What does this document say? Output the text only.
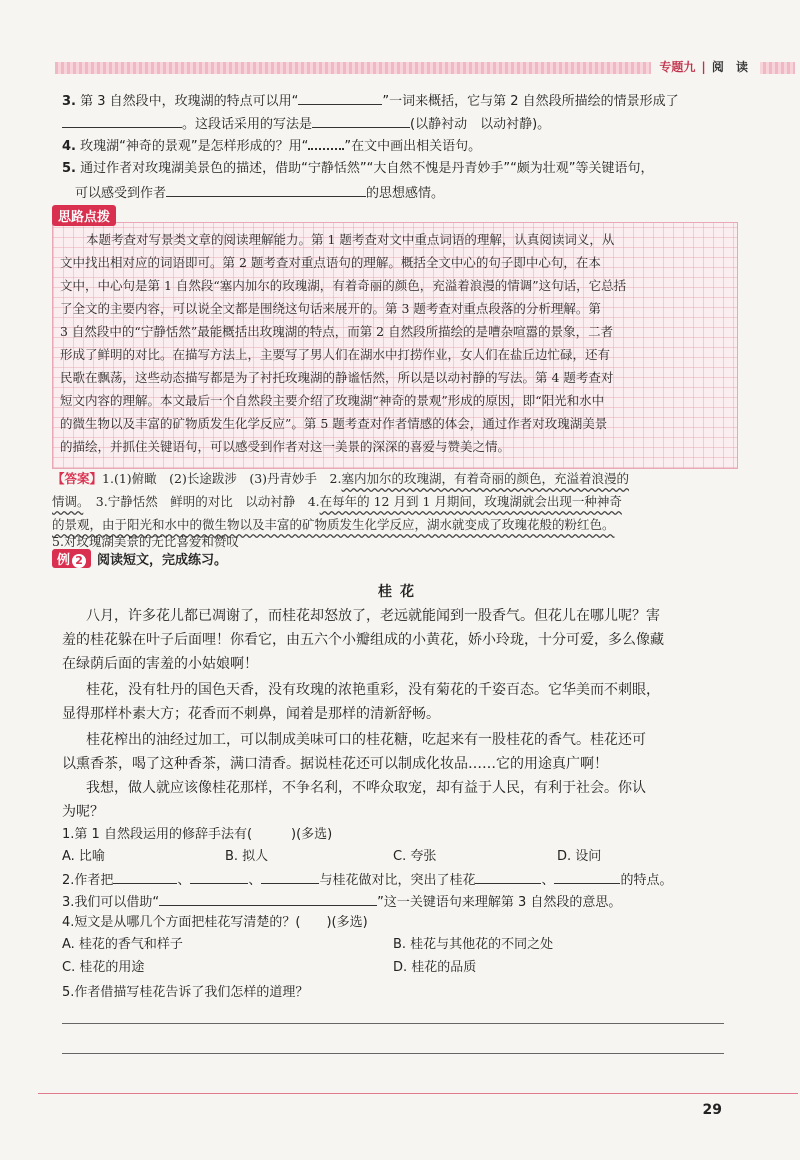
专题九 | 阅 读
3. 第 3 自然段中，玫瑰湖的特点可以用“	”一词来概括，它与第 2 自然段所描绘的情景形成了
。这段话采用的写法是	(以静衬动　以动衬静)。
4. 玫瑰湖“神奇的景观”是怎样形成的？用“	”在文中画出相关语句。
5. 通过作者对玫瑰湖美景色的描述，借助“宁静恬然”“大自然不愧是丹青妙手”“颇为壮观”等关键语句，
可以感受到作者	的思想感情。
思路点拨
本题考查对写景类文章的阅读理解能力。第 1 题考查对文中重点词语的理解，认真阅读词义，从
文中找出相对应的词语即可。第 2 题考查对重点语句的理解。概括全文中心的句子即中心句，在本
文中，中心句是第 1 自然段“塞内加尔的玫瑰湖，有着奇丽的颜色，充溢着浪漫的情调”这句话，它总括
了全文的主要内容，可以说全文都是围绕这句话来展开的。第 3 题考查对重点段落的分析理解。第
3 自然段中的“宁静恬然”最能概括出玫瑰湖的特点，而第 2 自然段所描绘的是嘈杂喧嚣的景象，二者
形成了鲜明的对比。在描写方法上，主要写了男人们在湖水中打捞作业，女人们在盐丘边忙碌，还有
民歌在飘荡，这些动态描写都是为了衬托玫瑰湖的静谧恬然，所以是以动衬静的写法。第 4 题考查对
短文内容的理解。本文最后一个自然段主要介绍了玫瑰湖“神奇的景观”形成的原因，即“阳光和水中
的微生物以及丰富的矿物质发生化学反应”。第 5 题考查对作者情感的体会，通过作者对玫瑰湖美景
的描绘，并抓住关键语句，可以感受到作者对这一美景的深深的喜爱与赞美之情。
【答案】1.(1)俯瞰　(2)长途跋涉　(3)丹青妙手　2.塞内加尔的玫瑰湖，有着奇丽的颜色，充溢着浪漫的
情调。　3.宁静恬然　鲜明的对比　以动衬静　4.在每年的 12 月到 1 月期间，玫瑰湖就会出现一种神奇
的景观，由于阳光和水中的微生物以及丰富的矿物质发生化学反应，湖水就变成了玫瑰花般的粉红色。
5.对玫瑰湖美景的无比喜爱和赞叹
例 2 阅读短文，完成练习。
桂花
八月，许多花儿都已凋谢了，而桂花却怒放了，老远就能闻到一股香气。但花儿在哪儿呢？害
羞的桂花躲在叶子后面哩！你看它，由五六个小瓣组成的小黄花，娇小玲珑，十分可爱，多么像藏
在绿荫后面的害羞的小姑娘啊！
桂花，没有牡丹的国色天香，没有玫瑰的浓艳重彩，没有菊花的千姿百态。它华美而不刺眼，
显得那样朴素大方；花香而不刺鼻，闻着是那样的清新舒畅。
桂花榨出的油经过加工，可以制成美味可口的桂花糖，吃起来有一股桂花的香气。桂花还可
以熏香茶，喝了这种香茶，满口清香。据说桂花还可以制成化妆品……它的用途真广啊！
我想，做人就应该像桂花那样，不争名利，不哗众取宠，却有益于人民，有利于社会。你认
为呢？
1.第 1 自然段运用的修辞手法有(　　　)(多选)
A. 比喻	B. 拟人	C. 夸张	D. 设问
2.作者把	、	、	与桂花做对比，突出了桂花	、	的特点。
3.我们可以借助“	”这一关键语句来理解第 3 自然段的意思。
4.短文是从哪几个方面把桂花写清楚的？(　　)(多选)
A. 桂花的香气和样子	B. 桂花与其他花的不同之处
C. 桂花的用途	D. 桂花的品质
5.作者借描写桂花告诉了我们怎样的道理？
29
